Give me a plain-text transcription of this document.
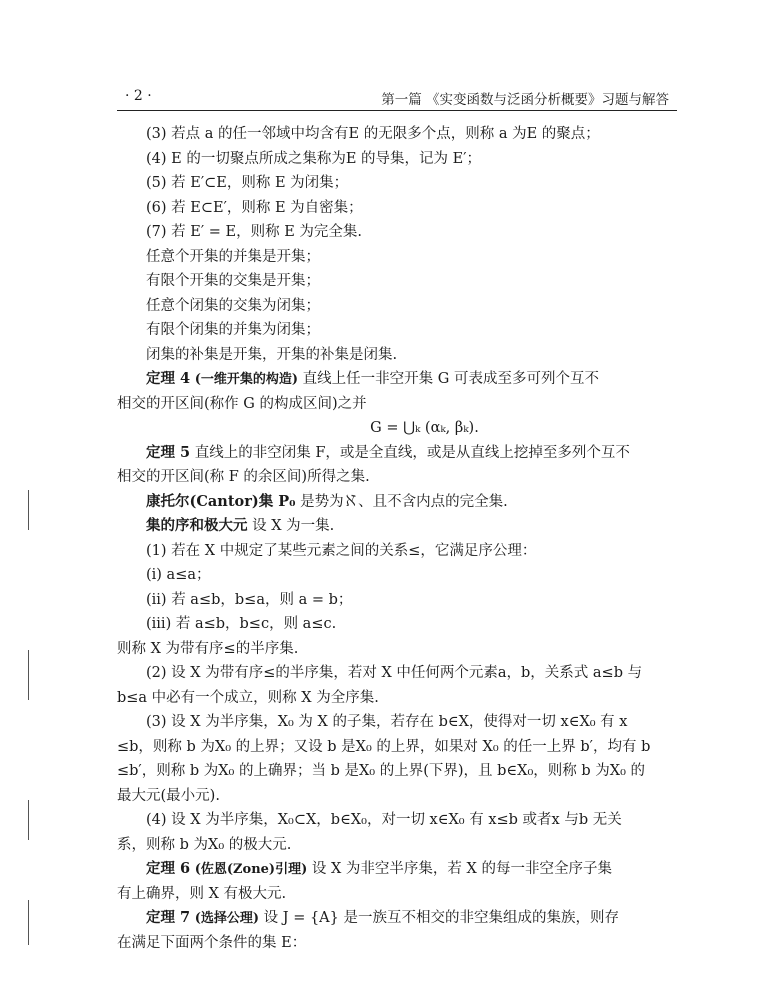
· 2 ·	第一篇 《实变函数与泛函分析概要》习题与解答
(3) 若点 a 的任一邻域中均含有E 的无限多个点，则称 a 为E 的聚点；
(4) E 的一切聚点所成之集称为E 的导集，记为 E′；
(5) 若 E′⊂E，则称 E 为闭集；
(6) 若 E⊂E′，则称 E 为自密集；
(7) 若 E′ = E，则称 E 为完全集.
任意个开集的并集是开集；
有限个开集的交集是开集；
任意个闭集的交集为闭集；
有限个闭集的并集为闭集；
闭集的补集是开集，开集的补集是闭集.
定理 4 (一维开集的构造) 直线上任一非空开集 G 可表成至多可列个互不
相交的开区间(称作 G 的构成区间)之并
G = ⋃ₖ (αₖ, βₖ).
定理 5 直线上的非空闭集 F，或是全直线，或是从直线上挖掉至多列个互不
相交的开区间(称 F 的余区间)所得之集.
康托尔(Cantor)集 P₀ 是势为ℵ、且不含内点的完全集.
集的序和极大元 设 X 为一集.
(1) 若在 X 中规定了某些元素之间的关系≤，它满足序公理：
(i) a≤a；
(ii) 若 a≤b，b≤a，则 a = b；
(iii) 若 a≤b，b≤c，则 a≤c.
则称 X 为带有序≤的半序集.
(2) 设 X 为带有序≤的半序集，若对 X 中任何两个元素a，b，关系式 a≤b 与
b≤a 中必有一个成立，则称 X 为全序集.
(3) 设 X 为半序集，X₀ 为 X 的子集，若存在 b∈X，使得对一切 x∈X₀ 有 x
≤b，则称 b 为X₀ 的上界；又设 b 是X₀ 的上界，如果对 X₀ 的任一上界 b′，均有 b
≤b′，则称 b 为X₀ 的上确界；当 b 是X₀ 的上界(下界)，且 b∈X₀，则称 b 为X₀ 的
最大元(最小元).
(4) 设 X 为半序集，X₀⊂X，b∈X₀，对一切 x∈X₀ 有 x≤b 或者x 与b 无关
系，则称 b 为X₀ 的极大元.
定理 6 (佐恩(Zone)引理) 设 X 为非空半序集，若 X 的每一非空全序子集
有上确界，则 X 有极大元.
定理 7 (选择公理) 设 J = {A} 是一族互不相交的非空集组成的集族，则存
在满足下面两个条件的集 E：
